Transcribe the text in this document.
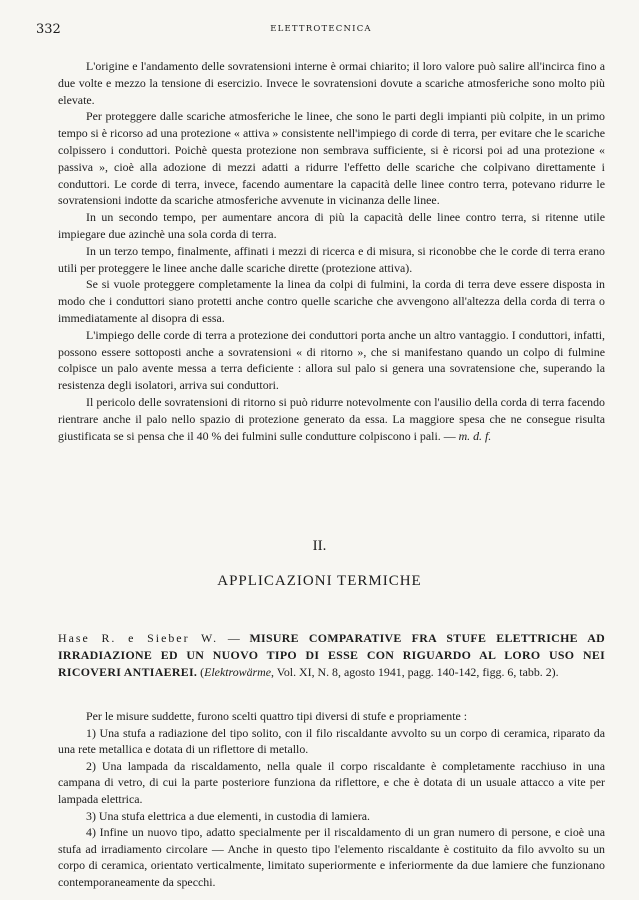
332	ELETTROTECNICA

L'origine e l'andamento delle sovratensioni interne è ormai chiarito; il loro valore può salire all'incirca fino a due volte e mezzo la tensione di esercizio. Invece le sovratensioni dovute a scariche atmosferiche sono molto più elevate.

Per proteggere dalle scariche atmosferiche le linee, che sono le parti degli impianti più colpite, in un primo tempo si è ricorso ad una protezione « attiva » consistente nell'impiego di corde di terra, per evitare che le scariche colpissero i conduttori. Poichè questa protezione non sembrava sufficiente, si è ricorsi poi ad una protezione « passiva », cioè alla adozione di mezzi adatti a ridurre l'effetto delle scariche che colpivano direttamente i conduttori. Le corde di terra, invece, facendo aumentare la capacità delle linee contro terra, potevano ridurre le sovratensioni indotte da scariche atmosferiche avvenute in vicinanza delle linee.

In un secondo tempo, per aumentare ancora di più la capacità delle linee contro terra, si ritenne utile impiegare due azinchè una sola corda di terra.

In un terzo tempo, finalmente, affinati i mezzi di ricerca e di misura, si riconobbe che le corde di terra erano utili per proteggere le linee anche dalle scariche dirette (protezione attiva).

Se si vuole proteggere completamente la linea da colpi di fulmini, la corda di terra deve essere disposta in modo che i conduttori siano protetti anche contro quelle scariche che avvengono all'altezza della corda di terra o immediatamente al disopra di essa.

L'impiego delle corde di terra a protezione dei conduttori porta anche un altro vantaggio. I conduttori, infatti, possono essere sottoposti anche a sovratensioni « di ritorno », che si manifestano quando un colpo di fulmine colpisce un palo avente messa a terra deficiente : allora sul palo si genera una sovratensione che, superando la resistenza degli isolatori, arriva sui conduttori.

Il pericolo delle sovratensioni di ritorno si può ridurre notevolmente con l'ausilio della corda di terra facendo rientrare anche il palo nello spazio di protezione generato da essa. La maggiore spesa che ne consegue risulta giustificata se si pensa che il 40 % dei fulmini sulle condutture colpiscono i pali. — m. d. f.

II.
APPLICAZIONI TERMICHE
Hase R. e Sieber W. — MISURE COMPARATIVE FRA STUFE ELETTRICHE AD IRRADIAZIONE ED UN NUOVO TIPO DI ESSE CON RIGUARDO AL LORO USO NEI RICOVERI ANTIAEREI. (Elektrowärme, Vol. XI, N. 8, agosto 1941, pagg. 140-142, figg. 6, tabb. 2).

Per le misure suddette, furono scelti quattro tipi diversi di stufe e propriamente :

1) Una stufa a radiazione del tipo solito, con il filo riscaldante avvolto su un corpo di ceramica, riparato da una rete metallica e dotata di un riflettore di metallo.

2) Una lampada da riscaldamento, nella quale il corpo riscaldante è completamente racchiuso in una campana di vetro, di cui la parte posteriore funziona da riflettore, e che è dotata di un usuale attacco a vite per lampada elettrica.

3) Una stufa elettrica a due elementi, in custodia di lamiera.

4) Infine un nuovo tipo, adatto specialmente per il riscaldamento di un gran numero di persone, e cioè una stufa ad irradiamento circolare — Anche in questo tipo l'elemento riscaldante è costituito da filo avvolto su un corpo di ceramica, orientato verticalmente, limitato superiormente e inferiormente da due lamiere che funzionano contemporaneamente da specchi.
